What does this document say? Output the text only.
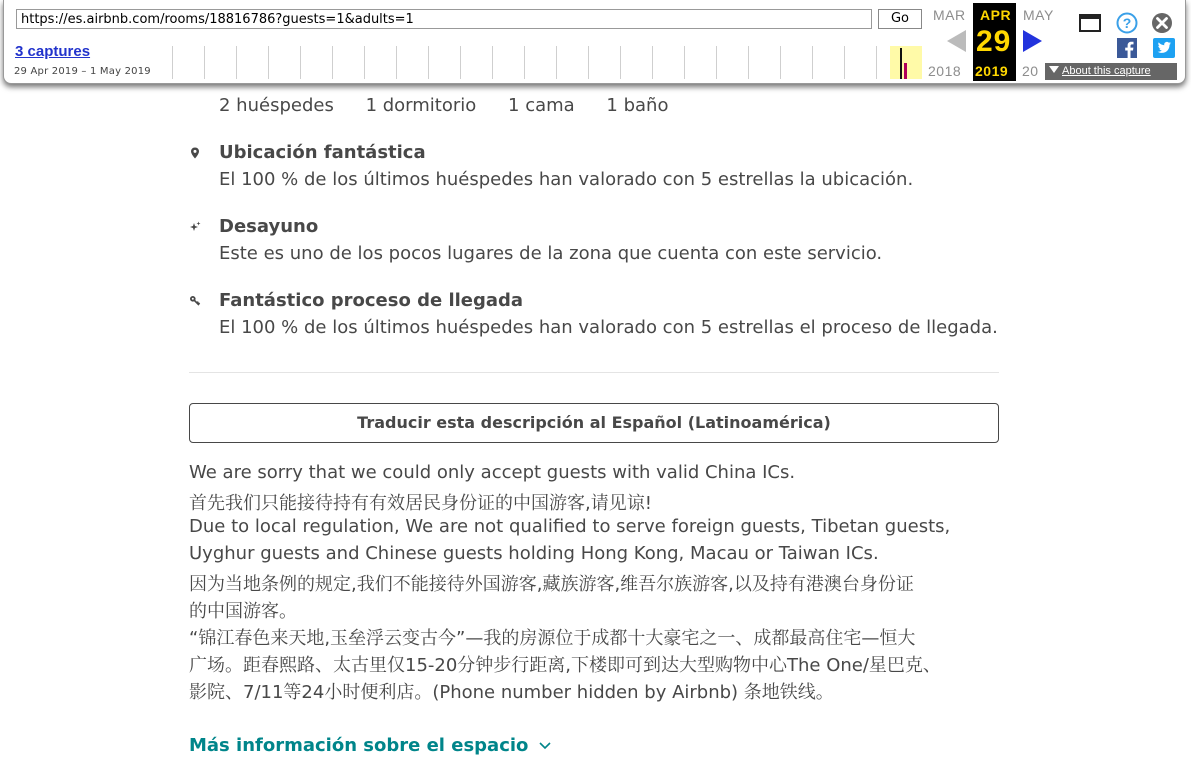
2 huéspedes 1 dormitorio 1 cama 1 baño
Ubicación fantástica
El 100 % de los últimos huéspedes han valorado con 5 estrellas la ubicación.
Desayuno
Este es uno de los pocos lugares de la zona que cuenta con este servicio.
Fantástico proceso de llegada
El 100 % de los últimos huéspedes han valorado con 5 estrellas el proceso de llegada.
Traducir esta descripción al Español (Latinoamérica)
We are sorry that we could only accept guests with valid China ICs.
首先我们只能接待持有有效居民身份证的中国游客,请见谅!
Due to local regulation, We are not qualified to serve foreign guests, Tibetan guests,
Uyghur guests and Chinese guests holding Hong Kong, Macau or Taiwan ICs.
因为当地条例的规定,我们不能接待外国游客,藏族游客,维吾尔族游客,以及持有港澳台身份证
的中国游客。
“锦江春色来天地,玉垒浮云变古今”—我的房源位于成都十大豪宅之一、成都最高住宅—恒大
广场。距春熙路、太古里仅15-20分钟步行距离,下楼即可到达大型购物中心The One/星巴克、
影院、7/11等24小时便利店。(Phone number hidden by Airbnb) 条地铁线。
Más información sobre el espacio
https://es.airbnb.com/rooms/18816786?guests=1&adults=1
Go
3 captures
29 Apr 2019 – 1 May 2019
MAR APR MAY
29
2018 2019 20
?
About this capture
